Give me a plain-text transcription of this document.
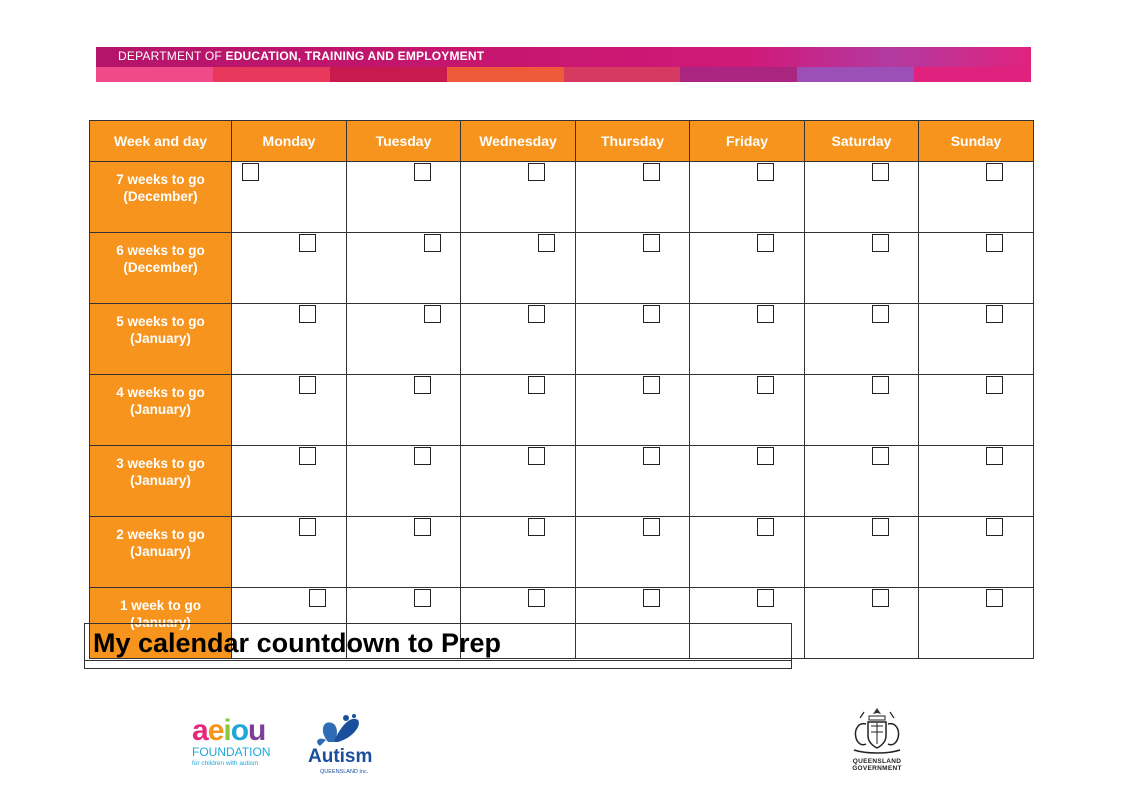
DEPARTMENT OF EDUCATION, TRAINING AND EMPLOYMENT
Week and day	Monday	Tuesday	Wednesday	Thursday	Friday	Saturday	Sunday

7 weeks to go
(December)							

6 weeks to go
(December)							

5 weeks to go
(January)							

4 weeks to go
(January)							

3 weeks to go
(January)							

2 weeks to go
(January)							

1 week to go
(January)							

My calendar countdown to Prep
aeiou
FOUNDATION
for children with autism	Autism
QUEENSLAND Inc.
QUEENSLAND
GOVERNMENT
